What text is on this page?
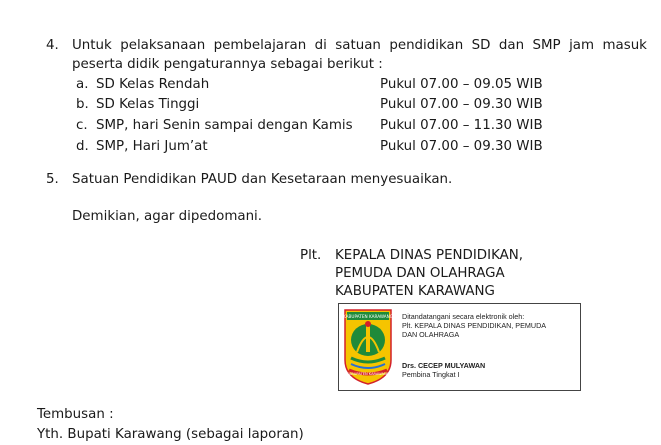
4. Untuk pelaksanaan pembelajaran di satuan pendidikan SD dan SMP jam masuk
peserta didik pengaturannya sebagai berikut :
a. SD Kelas Rendah	Pukul 07.00 – 09.05 WIB
b. SD Kelas Tinggi	Pukul 07.00 – 09.30 WIB
c. SMP, hari Senin sampai dengan Kamis	Pukul 07.00 – 11.30 WIB
d. SMP, Hari Jum’at	Pukul 07.00 – 09.30 WIB
5. Satuan Pendidikan PAUD dan Kesetaraan menyesuaikan.
Demikian, agar dipedomani.
Plt. KEPALA DINAS PENDIDIKAN,
PEMUDA DAN OLAHRAGA
KABUPATEN KARAWANG
KABUPATEN KARAWANG
KABUPATEN KARAWANG
Ditandatangani secara elektronik oleh:
Plt. KEPALA DINAS PENDIDIKAN, PEMUDA
DAN OLAHRAGA
Drs. CECEP MULYAWAN
Pembina Tingkat I
Tembusan :
Yth. Bupati Karawang (sebagai laporan)
